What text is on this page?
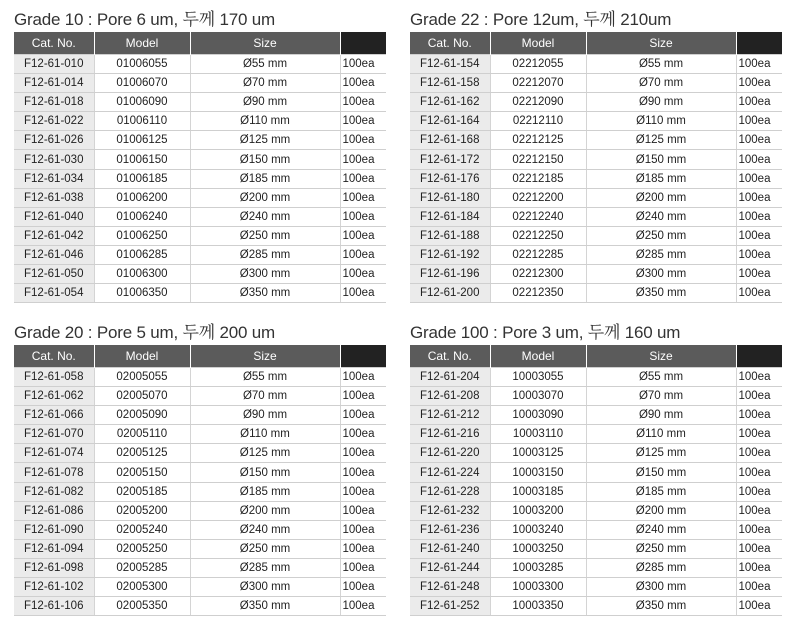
Grade 10 : Pore 6 um, 두께 170 um
Cat. No.	Model	Size	
F12-61-010	01006055	Ø55 mm	100ea
F12-61-014	01006070	Ø70 mm	100ea
F12-61-018	01006090	Ø90 mm	100ea
F12-61-022	01006110	Ø110 mm	100ea
F12-61-026	01006125	Ø125 mm	100ea
F12-61-030	01006150	Ø150 mm	100ea
F12-61-034	01006185	Ø185 mm	100ea
F12-61-038	01006200	Ø200 mm	100ea
F12-61-040	01006240	Ø240 mm	100ea
F12-61-042	01006250	Ø250 mm	100ea
F12-61-046	01006285	Ø285 mm	100ea
F12-61-050	01006300	Ø300 mm	100ea
F12-61-054	01006350	Ø350 mm	100ea
Grade 22 : Pore 12um, 두께 210um
Cat. No.	Model	Size	
F12-61-154	02212055	Ø55 mm	100ea
F12-61-158	02212070	Ø70 mm	100ea
F12-61-162	02212090	Ø90 mm	100ea
F12-61-164	02212110	Ø110 mm	100ea
F12-61-168	02212125	Ø125 mm	100ea
F12-61-172	02212150	Ø150 mm	100ea
F12-61-176	02212185	Ø185 mm	100ea
F12-61-180	02212200	Ø200 mm	100ea
F12-61-184	02212240	Ø240 mm	100ea
F12-61-188	02212250	Ø250 mm	100ea
F12-61-192	02212285	Ø285 mm	100ea
F12-61-196	02212300	Ø300 mm	100ea
F12-61-200	02212350	Ø350 mm	100ea
Grade 20 : Pore 5 um, 두께 200 um
Cat. No.	Model	Size	
F12-61-058	02005055	Ø55 mm	100ea
F12-61-062	02005070	Ø70 mm	100ea
F12-61-066	02005090	Ø90 mm	100ea
F12-61-070	02005110	Ø110 mm	100ea
F12-61-074	02005125	Ø125 mm	100ea
F12-61-078	02005150	Ø150 mm	100ea
F12-61-082	02005185	Ø185 mm	100ea
F12-61-086	02005200	Ø200 mm	100ea
F12-61-090	02005240	Ø240 mm	100ea
F12-61-094	02005250	Ø250 mm	100ea
F12-61-098	02005285	Ø285 mm	100ea
F12-61-102	02005300	Ø300 mm	100ea
F12-61-106	02005350	Ø350 mm	100ea
Grade 100 : Pore 3 um, 두께 160 um
Cat. No.	Model	Size	
F12-61-204	10003055	Ø55 mm	100ea
F12-61-208	10003070	Ø70 mm	100ea
F12-61-212	10003090	Ø90 mm	100ea
F12-61-216	10003110	Ø110 mm	100ea
F12-61-220	10003125	Ø125 mm	100ea
F12-61-224	10003150	Ø150 mm	100ea
F12-61-228	10003185	Ø185 mm	100ea
F12-61-232	10003200	Ø200 mm	100ea
F12-61-236	10003240	Ø240 mm	100ea
F12-61-240	10003250	Ø250 mm	100ea
F12-61-244	10003285	Ø285 mm	100ea
F12-61-248	10003300	Ø300 mm	100ea
F12-61-252	10003350	Ø350 mm	100ea
